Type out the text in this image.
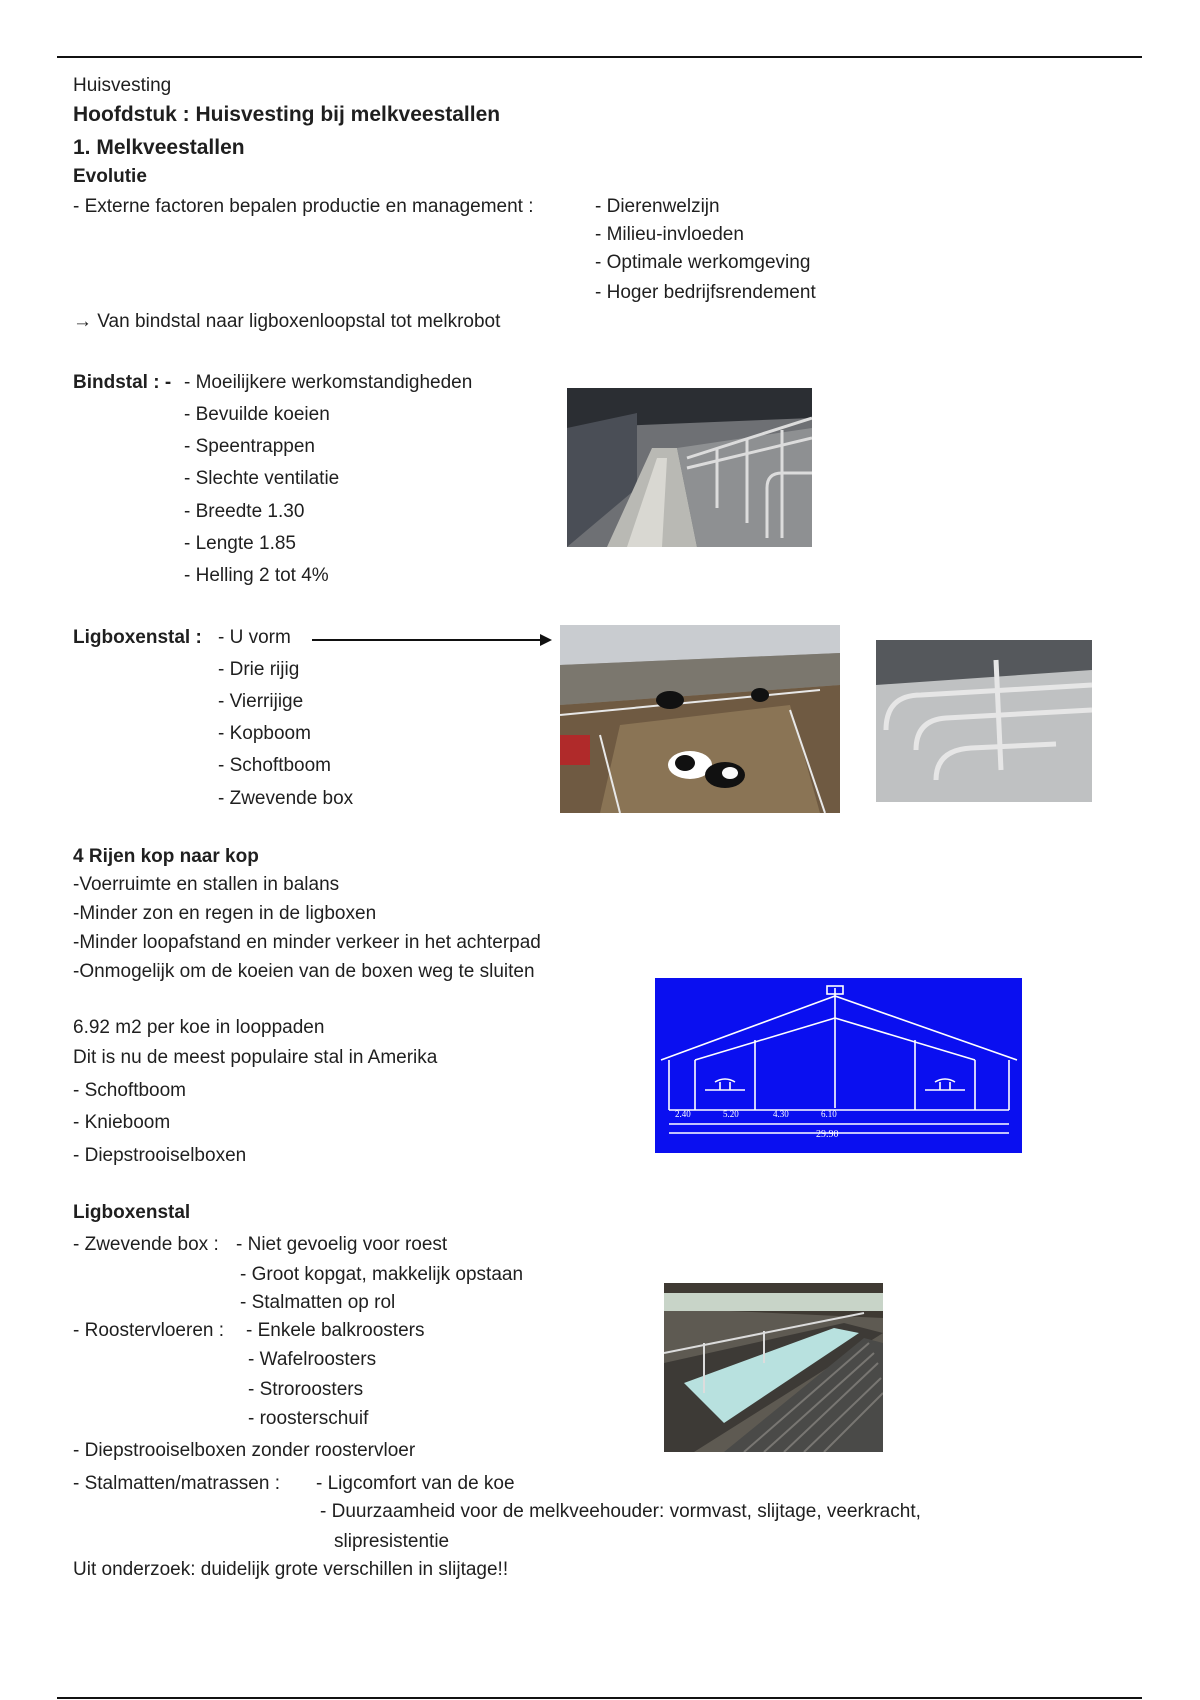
Huisvesting
Hoofdstuk : Huisvesting bij melkveestallen
1. Melkveestallen
Evolutie
- Externe factoren bepalen productie en management :	- Dierenwelzijn
- Milieu-invloeden
- Optimale werkomgeving
- Hoger bedrijfsrendement
→ Van bindstal naar ligboxenloopstal tot melkrobot
Bindstal : - - Moeilijkere werkomstandigheden
- Bevuilde koeien
- Speentrappen
- Slechte ventilatie
- Breedte 1.30
- Lengte 1.85
- Helling 2 tot 4%
Ligboxenstal : - U vorm
- Drie rijig
- Vierrijige
- Kopboom
- Schoftboom
- Zwevende box
4 Rijen kop naar kop
-Voerruimte en stallen in balans
-Minder zon en regen in de ligboxen
-Minder loopafstand en minder verkeer in het achterpad
-Onmogelijk om de koeien van de boxen weg te sluiten
6.92 m2 per koe in looppaden
Dit is nu de meest populaire stal in Amerika
- Schoftboom
- Knieboom
- Diepstrooiselboxen
2.40	5.20	4.30	6.10
29.90
Ligboxenstal
- Zwevende box : - Niet gevoelig voor roest
- Groot kopgat, makkelijk opstaan
- Stalmatten op rol
- Roostervloeren : - Enkele balkroosters
- Wafelroosters
- Stroroosters
- roosterschuif
- Diepstrooiselboxen zonder roostervloer
- Stalmatten/matrassen : - Ligcomfort van de koe
- Duurzaamheid voor de melkveehouder: vormvast, slijtage, veerkracht,
slipresistentie
Uit onderzoek: duidelijk grote verschillen in slijtage!!
